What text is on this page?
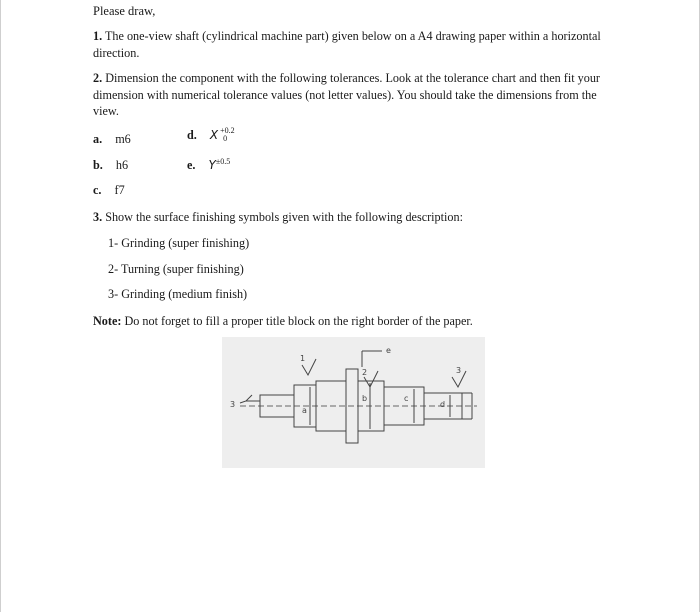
Please draw,
1. The one-view shaft (cylindrical machine part) given below on a A4 drawing paper within a horizontal direction.
2. Dimension the component with the following tolerances. Look at the tolerance chart and then fit your dimension with numerical tolerance values (not letter values). You should take the dimensions from the view.
a. m6	d. X +0.2
0
b. h6	e. $Y^{\pm 0.5}$
c. f7
3. Show the surface finishing symbols given with the following description:
1- Grinding (super finishing)
2- Turning (super finishing)
3- Grinding (medium finish)
Note: Do not forget to fill a proper title block on the right border of the paper.
1
2	3
3
a
b	c
d
e
